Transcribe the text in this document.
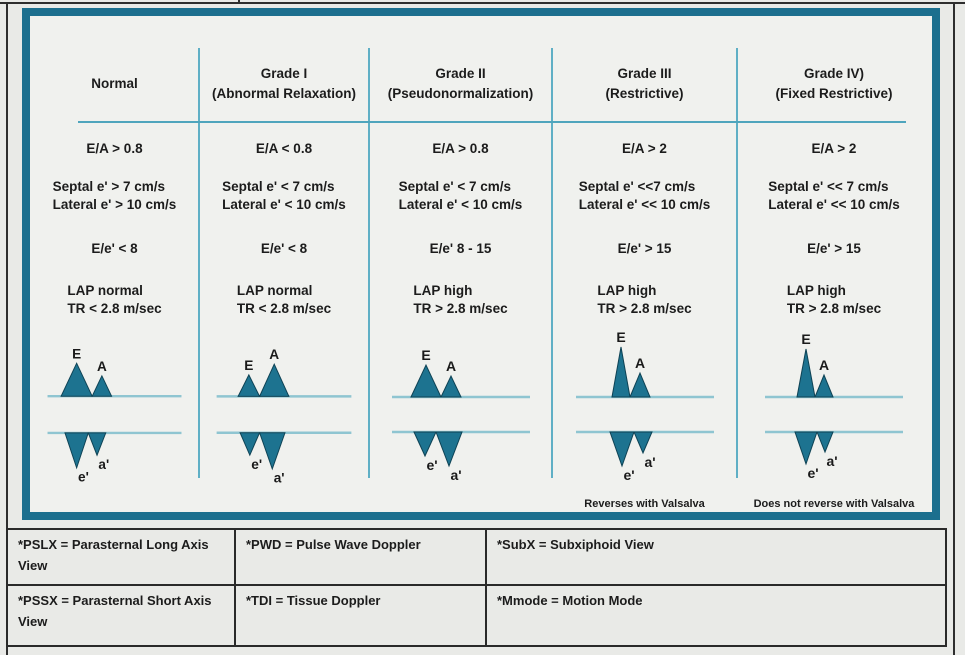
Normal
E/A > 0.8
Septal e' > 7 cm/s
Lateral e' > 10 cm/s
E/e' < 8
LAP normal
TR < 2.8 m/sec
E
A
e'
a'
Grade I
(Abnormal Relaxation)
E/A < 0.8
Septal e' < 7 cm/s
Lateral e' < 10 cm/s
E/e' < 8
LAP normal
TR < 2.8 m/sec
E
A
e'
a'
Grade II
(Pseudonormalization)
E/A > 0.8
Septal e' < 7 cm/s
Lateral e' < 10 cm/s
E/e' 8 - 15
LAP high
TR > 2.8 m/sec
E
A
e'
a'
Grade III
(Restrictive)
E/A > 2
Septal e' <<7 cm/s
Lateral e' << 10 cm/s
E/e' > 15
LAP high
TR > 2.8 m/sec
E
A
e'
a'
Reverses with Valsalva
Grade IV)
(Fixed Restrictive)
E/A > 2
Septal e' << 7 cm/s
Lateral e' << 10 cm/s
E/e' > 15
LAP high
TR > 2.8 m/sec
E
A
e'
a'
Does not reverse with Valsalva
*PSLX = Parasternal Long Axis View
*PWD = Pulse Wave Doppler	*SubX = Subxiphoid View
*PSSX = Parasternal Short Axis View
*TDI = Tissue Doppler	*Mmode = Motion Mode
